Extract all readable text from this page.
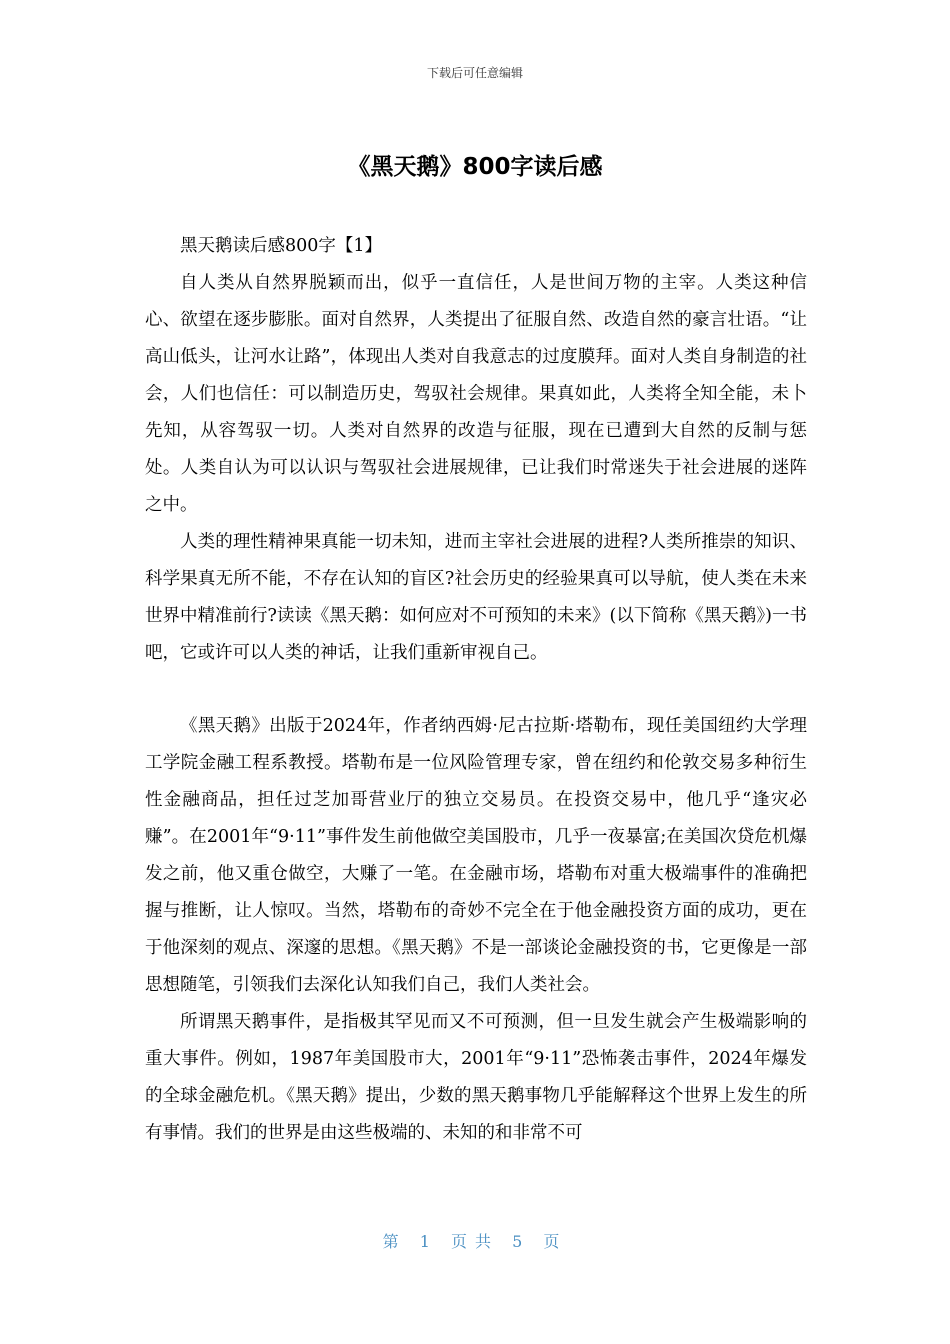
下载后可任意编辑
《黑天鹅》800字读后感

黑天鹅读后感800字【1】

自人类从自然界脱颖而出，似乎一直信任，人是世间万物的主宰。人类这种信心、欲望在逐步膨胀。面对自然界，人类提出了征服自然、改造自然的豪言壮语。“让高山低头，让河水让路”，体现出人类对自我意志的过度膜拜。面对人类自身制造的社会，人们也信任：可以制造历史，驾驭社会规律。果真如此，人类将全知全能，未卜先知，从容驾驭一切。人类对自然界的改造与征服，现在已遭到大自然的反制与惩处。人类自认为可以认识与驾驭社会进展规律，已让我们时常迷失于社会进展的迷阵之中。

人类的理性精神果真能一切未知，进而主宰社会进展的进程?人类所推崇的知识、科学果真无所不能，不存在认知的盲区?社会历史的经验果真可以导航，使人类在未来世界中精准前行?读读《黑天鹅：如何应对不可预知的未来》(以下简称《黑天鹅》)一书吧，它或许可以人类的神话，让我们重新审视自己。

《黑天鹅》出版于2024年，作者纳西姆·尼古拉斯·塔勒布，现任美国纽约大学理工学院金融工程系教授。塔勒布是一位风险管理专家，曾在纽约和伦敦交易多种衍生性金融商品，担任过芝加哥营业厅的独立交易员。在投资交易中，他几乎“逢灾必赚”。在2001年“9·11”事件发生前他做空美国股市，几乎一夜暴富;在美国次贷危机爆发之前，他又重仓做空，大赚了一笔。在金融市场，塔勒布对重大极端事件的准确把握与推断，让人惊叹。当然，塔勒布的奇妙不完全在于他金融投资方面的成功，更在于他深刻的观点、深邃的思想。《黑天鹅》不是一部谈论金融投资的书，它更像是一部思想随笔，引领我们去深化认知我们自己，我们人类社会。

所谓黑天鹅事件，是指极其罕见而又不可预测，但一旦发生就会产生极端影响的重大事件。例如，1987年美国股市大，2001年“9·11”恐怖袭击事件，2024年爆发的全球金融危机。《黑天鹅》提出，少数的黑天鹅事物几乎能解释这个世界上发生的所有事情。我们的世界是由这些极端的、未知的和非常不可

第 1 页共 5 页
